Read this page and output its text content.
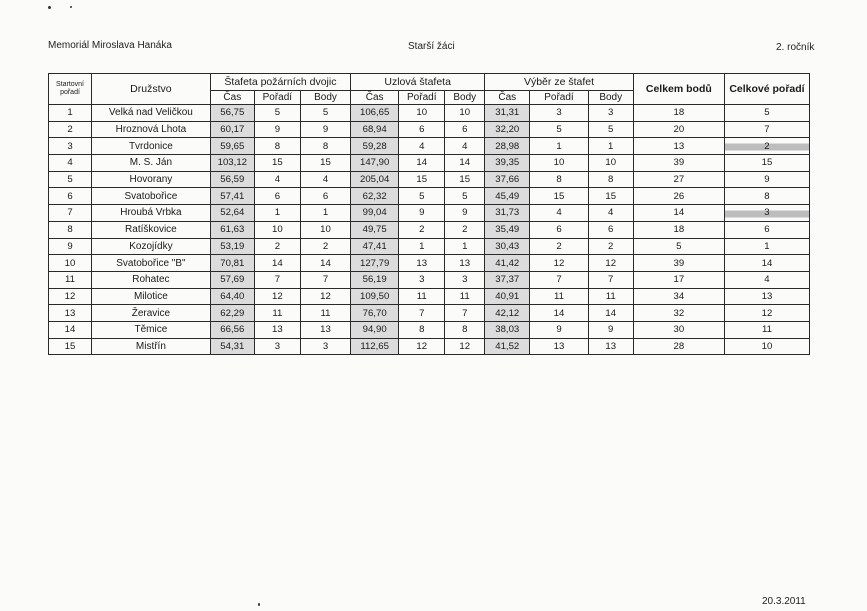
Memoriál Miroslava Hanáka	Starší žáci	2. ročník
Startovní pořadí	Družstvo	Štafeta požárních dvojic			Uzlová štafeta			Výběr ze štafet			Celkem bodů	Celkové pořadí
		Čas	Pořadí	Body	Čas	Pořadí	Body	Čas	Pořadí	Body		
1	Velká nad Veličkou	56,75	5	5	106,65	10	10	31,31	3	3	18	5
2	Hroznová Lhota	60,17	9	9	68,94	6	6	32,20	5	5	20	7
3	Tvrdonice	59,65	8	8	59,28	4	4	28,98	1	1	13	2
4	M. S. Ján	103,12	15	15	147,90	14	14	39,35	10	10	39	15
5	Hovorany	56,59	4	4	205,04	15	15	37,66	8	8	27	9
6	Svatobořice	57,41	6	6	62,32	5	5	45,49	15	15	26	8
7	Hroubá Vrbka	52,64	1	1	99,04	9	9	31,73	4	4	14	3
8	Ratíškovice	61,63	10	10	49,75	2	2	35,49	6	6	18	6
9	Kozojídky	53,19	2	2	47,41	1	1	30,43	2	2	5	1
10	Svatobořice "B"	70,81	14	14	127,79	13	13	41,42	12	12	39	14
11	Rohatec	57,69	7	7	56,19	3	3	37,37	7	7	17	4
12	Milotice	64,40	12	12	109,50	11	11	40,91	11	11	34	13
13	Žeravice	62,29	11	11	76,70	7	7	42,12	14	14	32	12
14	Těmice	66,56	13	13	94,90	8	8	38,03	9	9	30	11
15	Mistřín	54,31	3	3	112,65	12	12	41,52	13	13	28	10
20.3.2011
